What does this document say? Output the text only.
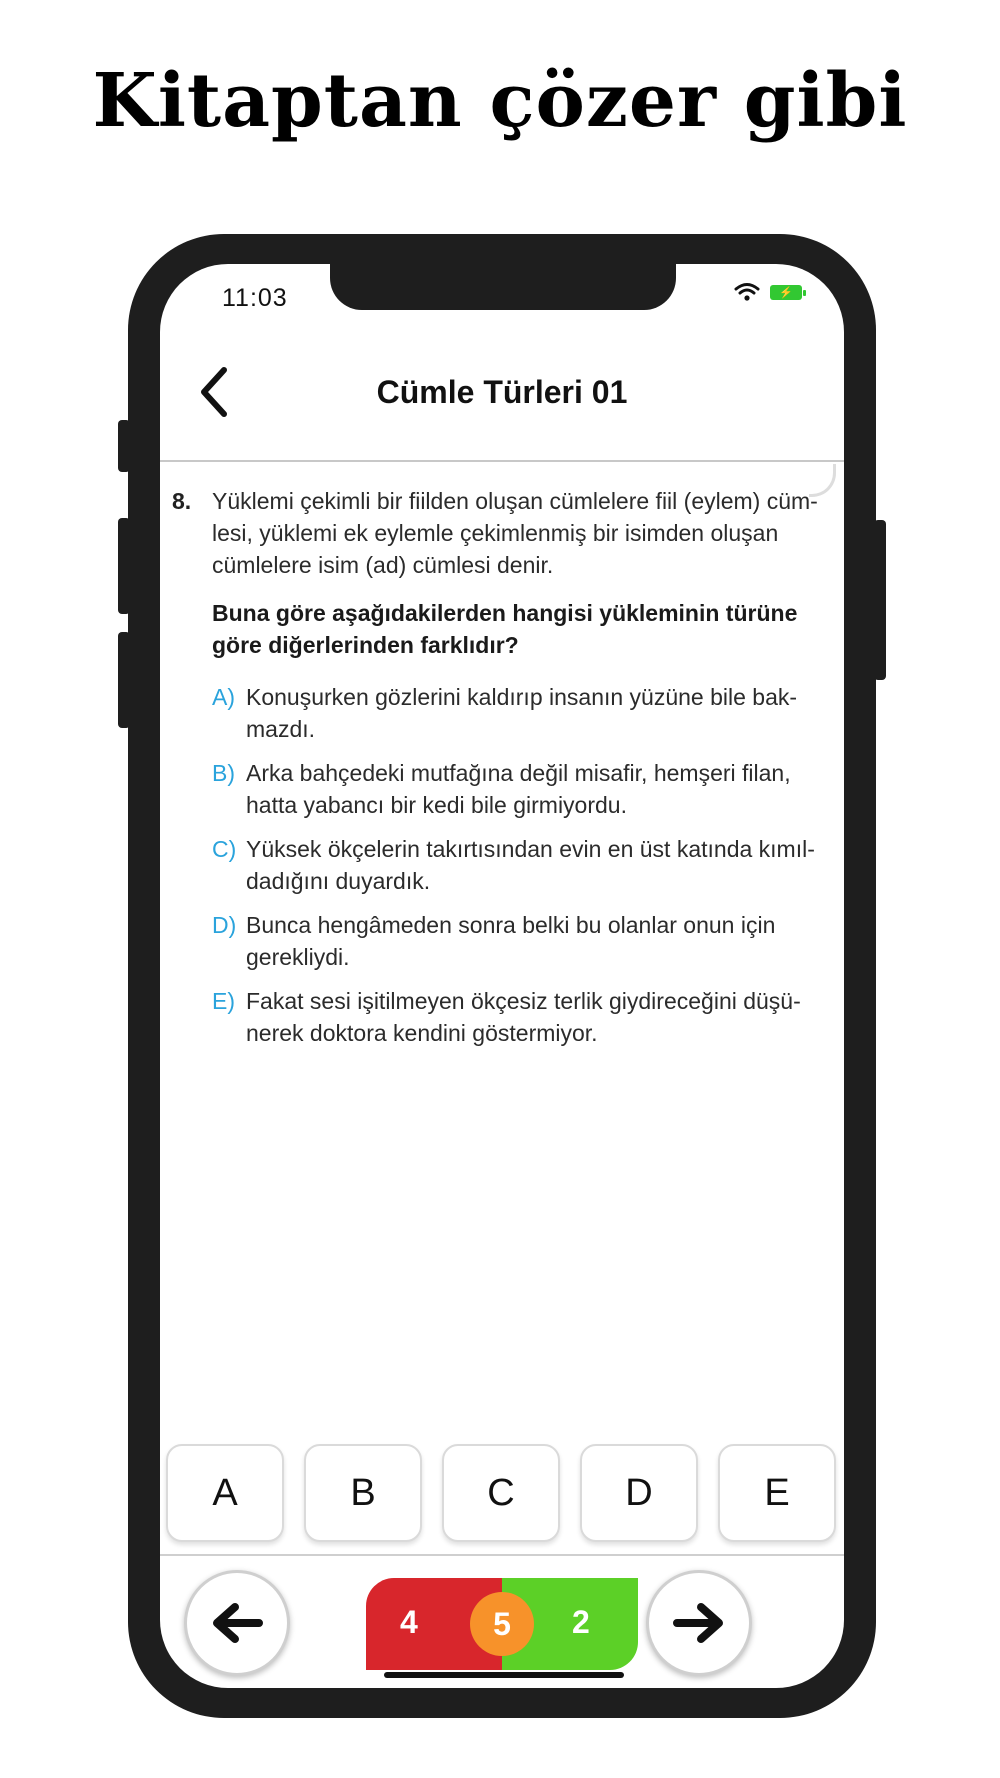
Kitaptan çözer gibi
11:03	⚡
Cümle Türleri 01
8. Yüklemi çekimli bir fiilden oluşan cümlelere fiil (eylem) cüm-
lesi, yüklemi ek eylemle çekimlenmiş bir isimden oluşan
cümlelere isim (ad) cümlesi denir.
Buna göre aşağıdakilerden hangisi yükleminin türüne
göre diğerlerinden farklıdır?
A) Konuşurken gözlerini kaldırıp insanın yüzüne bile bak-
mazdı.
B) Arka bahçedeki mutfağına değil misafir, hemşeri filan,
hatta yabancı bir kedi bile girmiyordu.
C) Yüksek ökçelerin takırtısından evin en üst katında kımıl-
dadığını duyardık.
D) Bunca hengâmeden sonra belki bu olanlar onun için
gerekliydi.
E) Fakat sesi işitilmeyen ökçesiz terlik giydireceğini düşü-
nerek doktora kendini göstermiyor.
A	B	C	D	E
4	2
5
